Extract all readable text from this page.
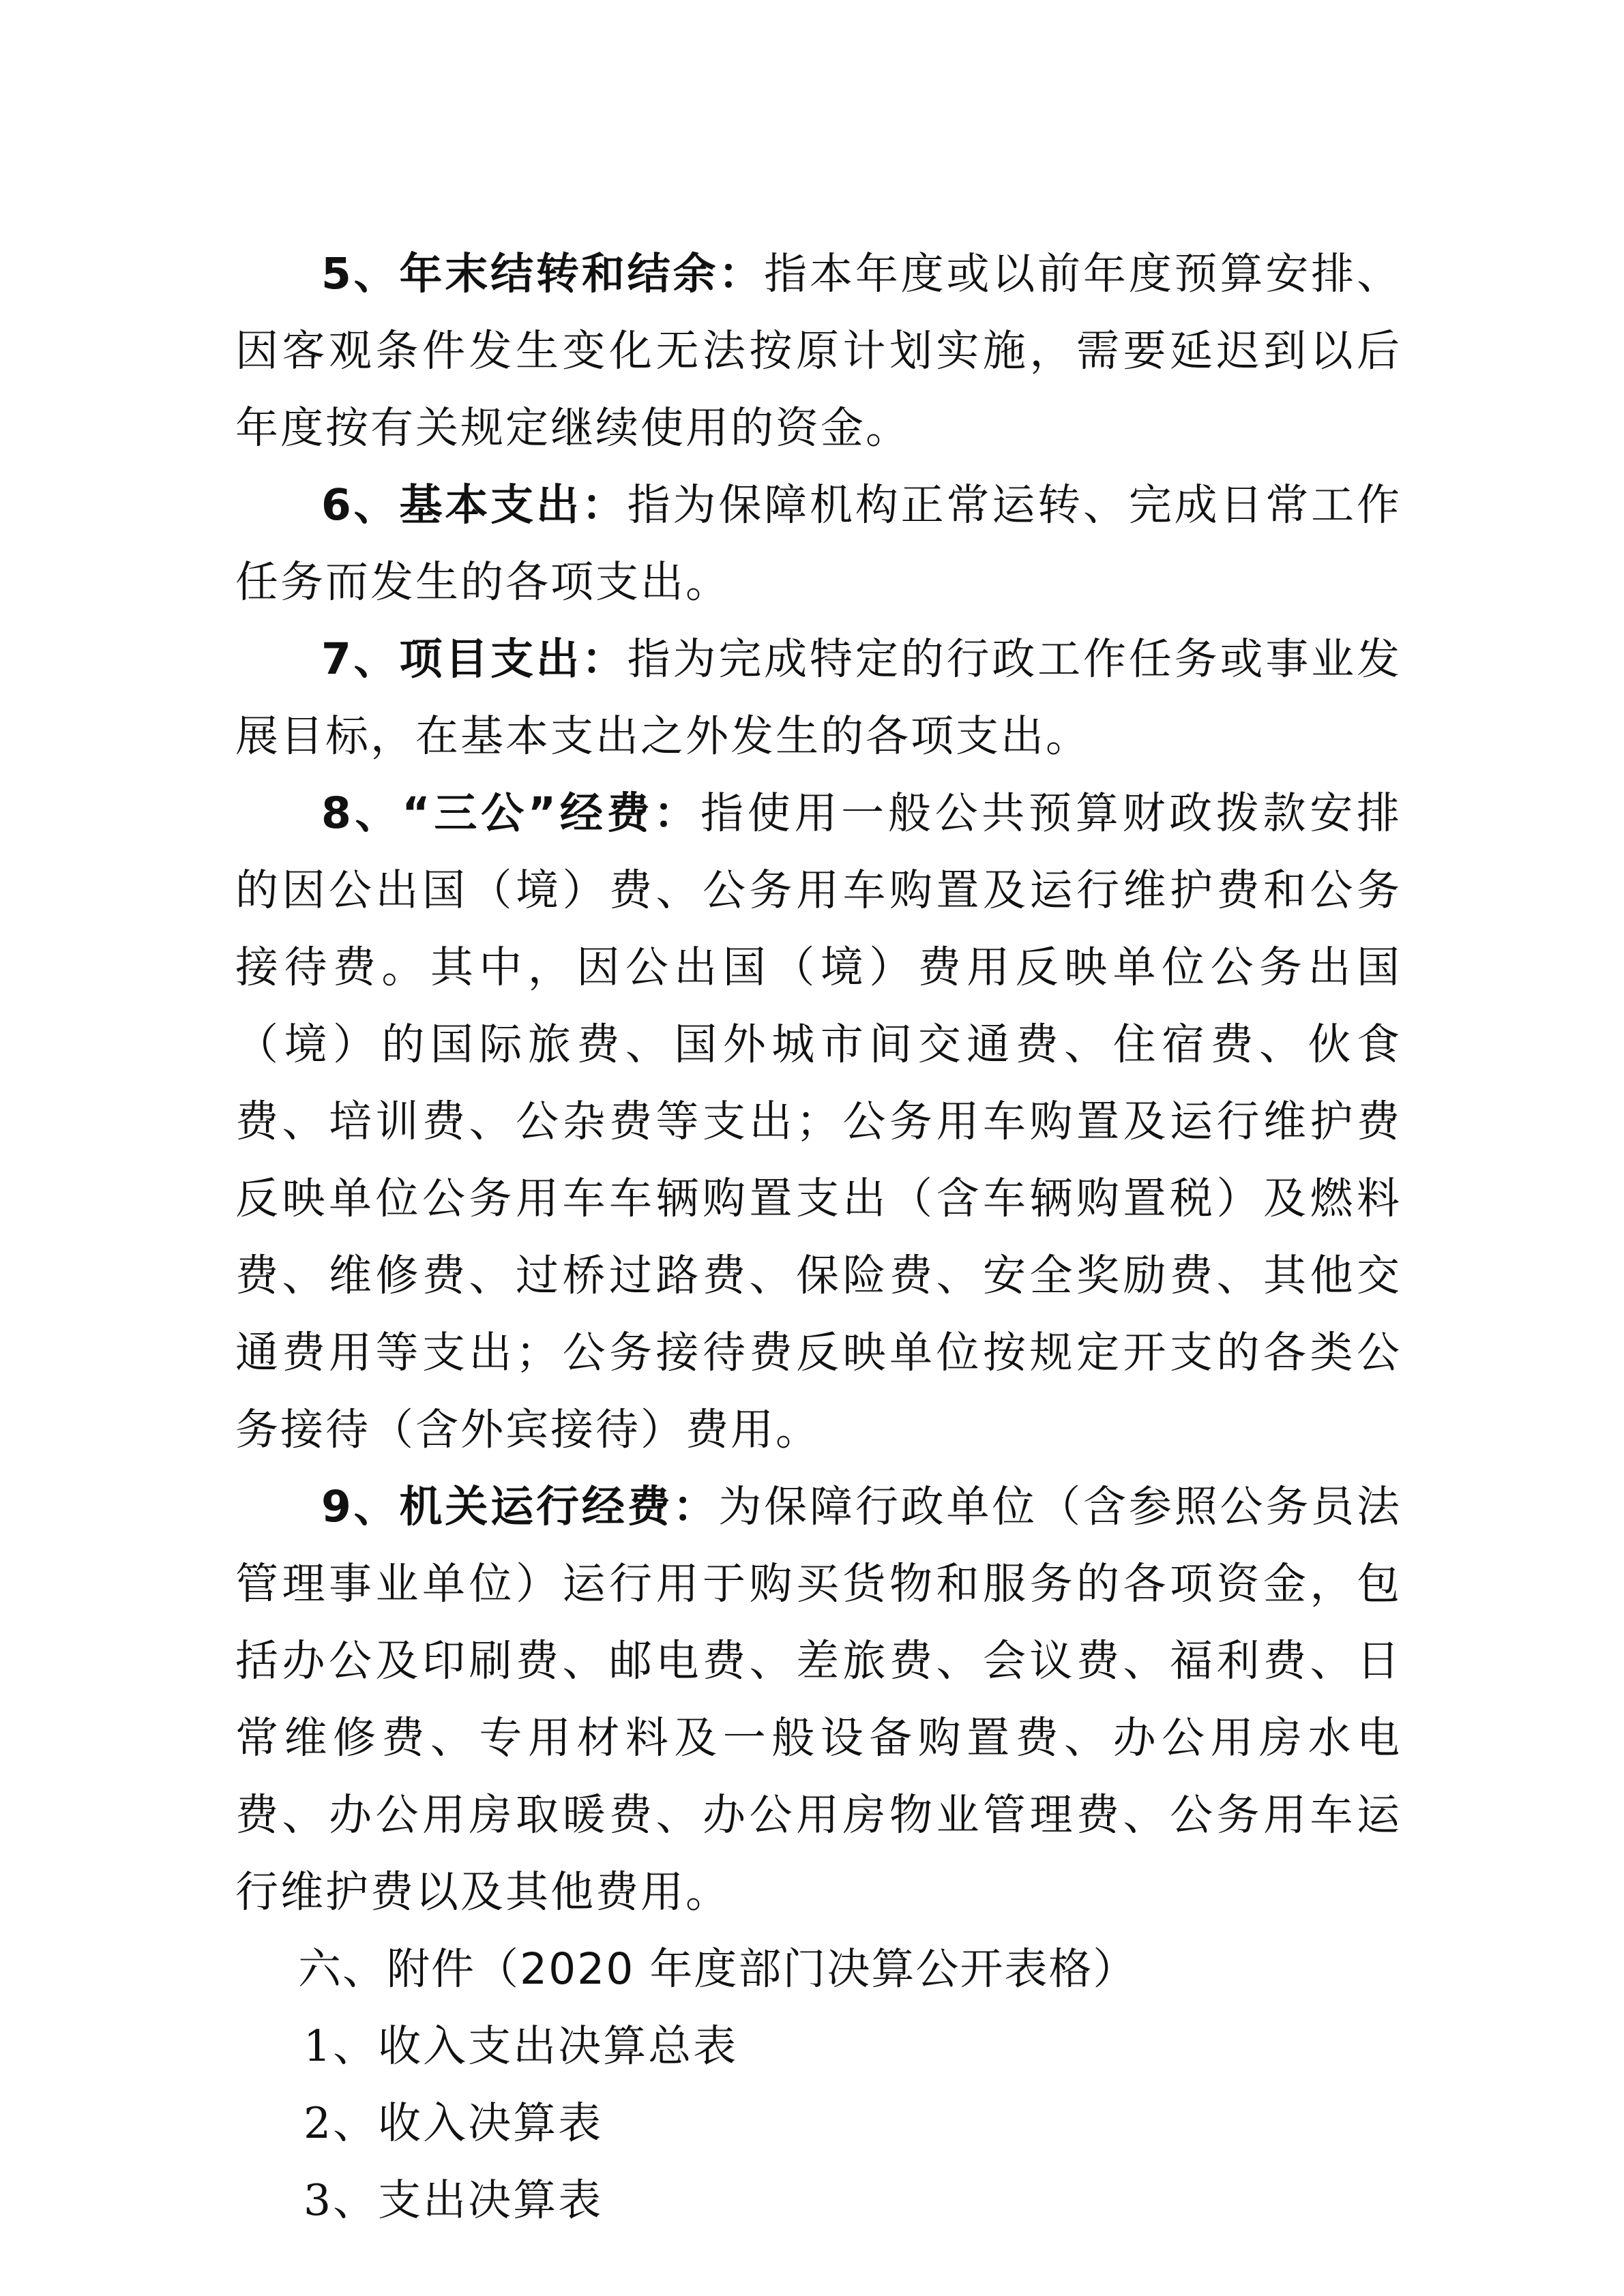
5、年末结转和结余：指本年度或以前年度预算安排、因客观条件发生变化无法按原计划实施，需要延迟到以后年度按有关规定继续使用的资金。

6、基本支出：指为保障机构正常运转、完成日常工作任务而发生的各项支出。

7、项目支出：指为完成特定的行政工作任务或事业发展目标，在基本支出之外发生的各项支出。

8、“三公”经费：指使用一般公共预算财政拨款安排的因公出国（境）费、公务用车购置及运行维护费和公务接待费。其中，因公出国（境）费用反映单位公务出国（境）的国际旅费、国外城市间交通费、住宿费、伙食费、培训费、公杂费等支出；公务用车购置及运行维护费反映单位公务用车车辆购置支出（含车辆购置税）及燃料费、维修费、过桥过路费、保险费、安全奖励费、其他交通费用等支出；公务接待费反映单位按规定开支的各类公务接待（含外宾接待）费用。

9、机关运行经费：为保障行政单位（含参照公务员法管理事业单位）运行用于购买货物和服务的各项资金，包括办公及印刷费、邮电费、差旅费、会议费、福利费、日常维修费、专用材料及一般设备购置费、办公用房水电费、办公用房取暖费、办公用房物业管理费、公务用车运行维护费以及其他费用。

六、附件（2020 年度部门决算公开表格）

1、收入支出决算总表

2、收入决算表

3、支出决算表
